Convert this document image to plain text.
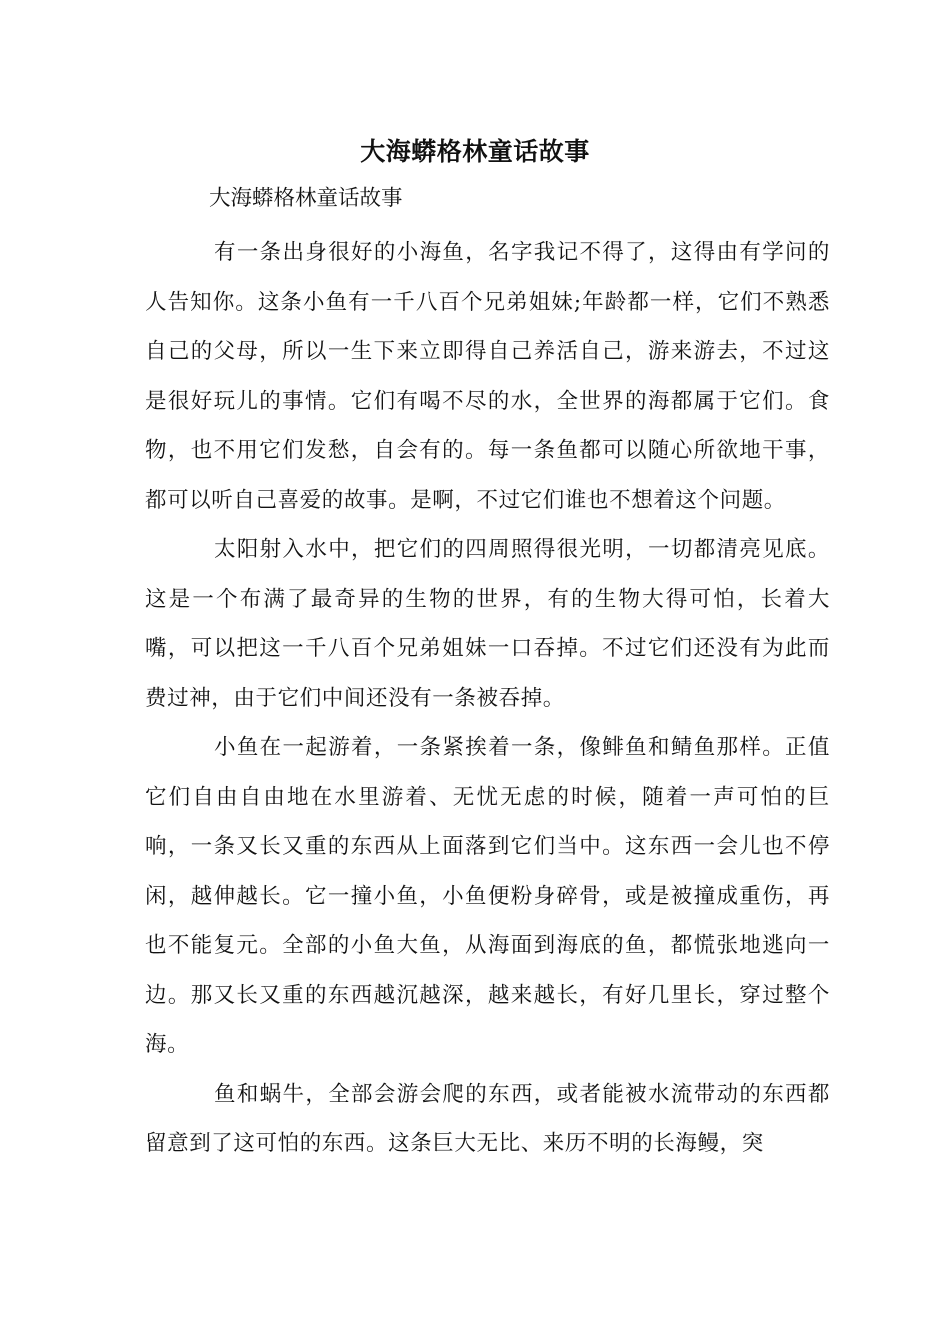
大海蟒格林童话故事
大海蟒格林童话故事

有一条出身很好的小海鱼，名字我记不得了，这得由有学问的人告知你。这条小鱼有一千八百个兄弟姐妹;年龄都一样，它们不熟悉自己的父母，所以一生下来立即得自己养活自己，游来游去，不过这是很好玩儿的事情。它们有喝不尽的水，全世界的海都属于它们。食物，也不用它们发愁，自会有的。每一条鱼都可以随心所欲地干事，都可以听自己喜爱的故事。是啊，不过它们谁也不想着这个问题。

太阳射入水中，把它们的四周照得很光明，一切都清亮见底。这是一个布满了最奇异的生物的世界，有的生物大得可怕，长着大嘴，可以把这一千八百个兄弟姐妹一口吞掉。不过它们还没有为此而费过神，由于它们中间还没有一条被吞掉。

小鱼在一起游着，一条紧挨着一条，像鲱鱼和鲭鱼那样。正值它们自由自由地在水里游着、无忧无虑的时候，随着一声可怕的巨响，一条又长又重的东西从上面落到它们当中。这东西一会儿也不停闲，越伸越长。它一撞小鱼，小鱼便粉身碎骨，或是被撞成重伤，再也不能复元。全部的小鱼大鱼，从海面到海底的鱼，都慌张地逃向一边。那又长又重的东西越沉越深，越来越长，有好几里长，穿过整个海。

鱼和蜗牛，全部会游会爬的东西，或者能被水流带动的东西都留意到了这可怕的东西。这条巨大无比、来历不明的长海鳗，突
